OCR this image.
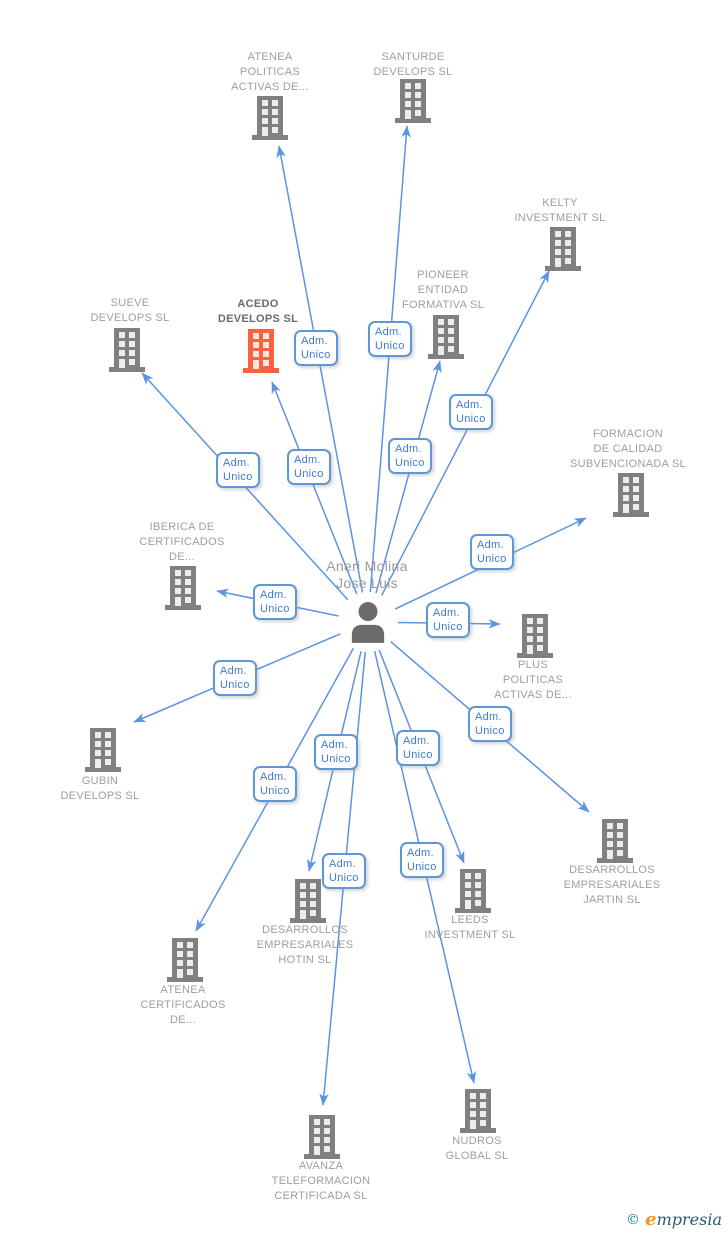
Aneri Molina
Jose Luis
© empresia
ATENEA
POLITICAS
ACTIVAS DE...
Adm.
Unico
SANTURDE
DEVELOPS SL
Adm.
Unico
KELTY
INVESTMENT SL
Adm.
Unico
PIONEER
ENTIDAD
FORMATIVA SL
Adm.
Unico
SUEVE
DEVELOPS SL
Adm.
Unico
ACEDO
DEVELOPS SL
Adm.
Unico
FORMACION
DE CALIDAD
SUBVENCIONADA SL
Adm.
Unico
IBERICA DE
CERTIFICADOS
DE...
Adm.
Unico
PLUS
POLITICAS
ACTIVAS DE...
Adm.
Unico
GUBIN
DEVELOPS SL
Adm.
Unico
DESARROLLOS
EMPRESARIALES
JARTIN SL
Adm.
Unico
DESARROLLOS
EMPRESARIALES
HOTIN SL
Adm.
Unico
LEEDS
INVESTMENT SL
Adm.
Unico
ATENEA
CERTIFICADOS
DE...
Adm.
Unico
NUDROS
GLOBAL SL
Adm.
Unico
AVANZA
TELEFORMACION
CERTIFICADA SL
Adm.
Unico
